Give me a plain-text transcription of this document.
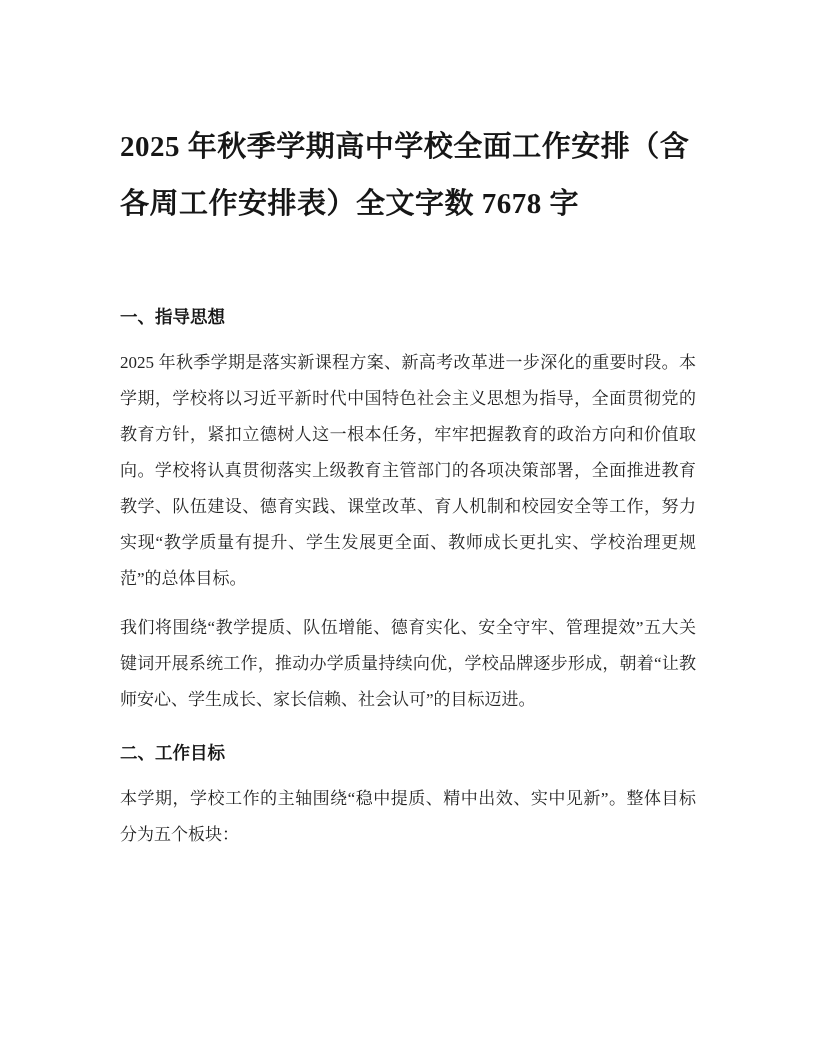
2025 年秋季学期高中学校全面工作安排（含各周工作安排表）全文字数 7678 字
一、指导思想

2025 年秋季学期是落实新课程方案、新高考改革进一步深化的重要时段。本学期，学校将以习近平新时代中国特色社会主义思想为指导，全面贯彻党的教育方针，紧扣立德树人这一根本任务，牢牢把握教育的政治方向和价值取向。学校将认真贯彻落实上级教育主管部门的各项决策部署，全面推进教育教学、队伍建设、德育实践、课堂改革、育人机制和校园安全等工作，努力实现“教学质量有提升、学生发展更全面、教师成长更扎实、学校治理更规范”的总体目标。

我们将围绕“教学提质、队伍增能、德育实化、安全守牢、管理提效”五大关键词开展系统工作，推动办学质量持续向优，学校品牌逐步形成，朝着“让教师安心、学生成长、家长信赖、社会认可”的目标迈进。

二、工作目标

本学期，学校工作的主轴围绕“稳中提质、精中出效、实中见新”。整体目标分为五个板块：
